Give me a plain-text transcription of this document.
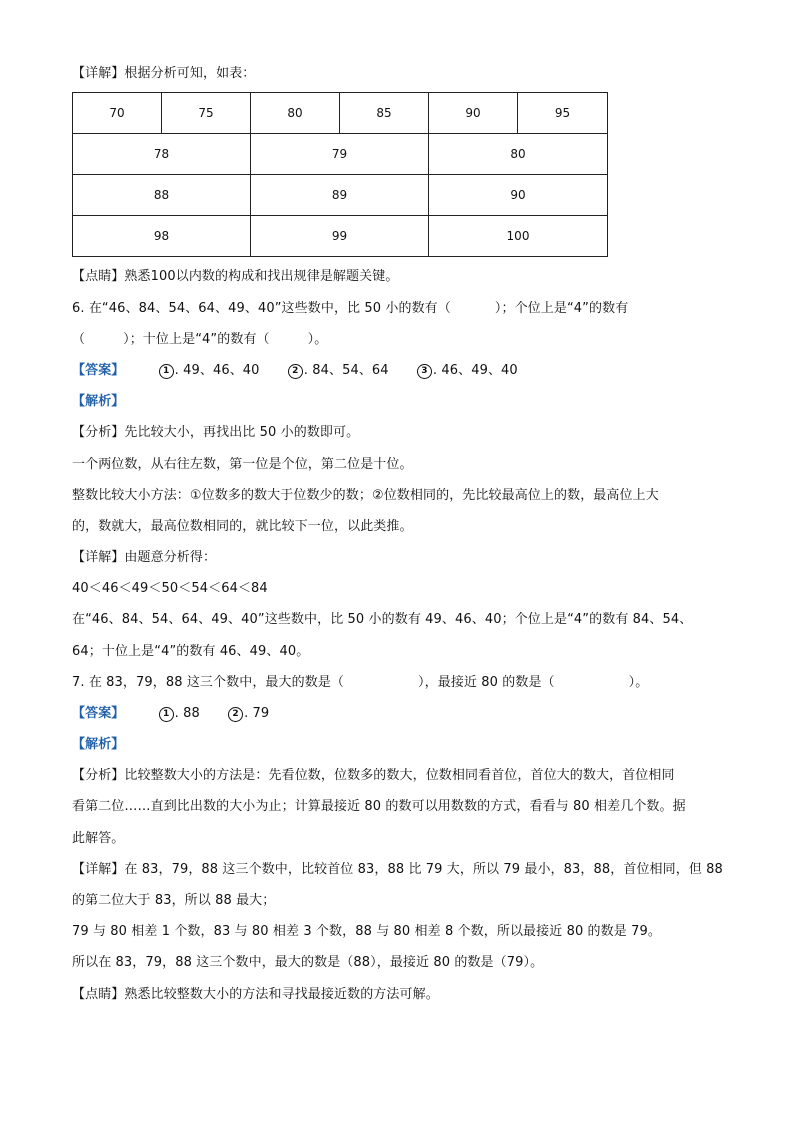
【详解】根据分析可知，如表：
70	75	80	85	90	95
78		79		80	
88		89		90	
98		99		100	
【点睛】熟悉100以内数的构成和找出规律是解题关键。
6. 在“46、84、54、64、49、40”这些数中，比 50 小的数有（	）；个位上是“4”的数有
（	）；十位上是“4”的数有（	）。
【答案】	1 . 49、46、40	2 . 84、54、64	3 . 46、49、40
【解析】
【分析】先比较大小，再找出比 50 小的数即可。
一个两位数，从右往左数，第一位是个位，第二位是十位。
整数比较大小方法：①位数多的数大于位数少的数；②位数相同的，先比较最高位上的数，最高位上大
的，数就大，最高位数相同的，就比较下一位，以此类推。
【详解】由题意分析得：
40＜46＜49＜50＜54＜64＜84
在“46、84、54、64、49、40”这些数中，比 50 小的数有 49、46、40；个位上是“4”的数有 84、54、
64；十位上是“4”的数有 46、49、40。
7. 在 83，79，88 这三个数中，最大的数是（	），最接近 80 的数是（	）。
【答案】	1 . 88	2 . 79
【解析】
【分析】比较整数大小的方法是：先看位数，位数多的数大，位数相同看首位，首位大的数大，首位相同
看第二位……直到比出数的大小为止；计算最接近 80 的数可以用数数的方式，看看与 80 相差几个数。据
此解答。
【详解】在 83，79，88 这三个数中，比较首位 83，88 比 79 大，所以 79 最小，83，88，首位相同，但 88
的第二位大于 83，所以 88 最大；
79 与 80 相差 1 个数，83 与 80 相差 3 个数，88 与 80 相差 8 个数，所以最接近 80 的数是 79。
所以在 83，79，88 这三个数中，最大的数是（88），最接近 80 的数是（79）。
【点睛】熟悉比较整数大小的方法和寻找最接近数的方法可解。
